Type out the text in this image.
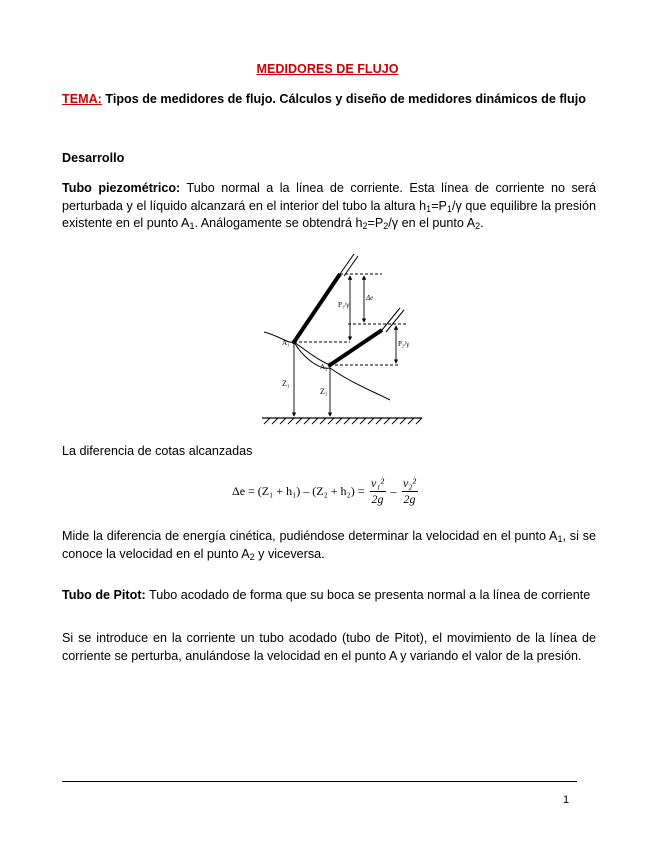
MEDIDORES DE FLUJO
TEMA: Tipos de medidores de flujo. Cálculos y diseño de medidores dinámicos de flujo
Desarrollo
Tubo piezométrico: Tubo normal a la línea de corriente. Esta línea de corriente no será perturbada y el líquido alcanzará en el interior del tubo la altura $h_1=P_1/\gamma$ que equilibre la presión existente en el punto $A_1$. Análogamente se obtendrá $h_2=P_2/\gamma$ en el punto $A_2$.
P₁/γ
Δe
P₂/γ
A₁
A₂
Z₁
Z₂
La diferencia de cotas alcanzadas
$\Delta e = (Z_1 + h_1) - (Z_2 + h_2) = \frac{\text{v₁²}}{2g} - \frac{\text{v₂²}}{2g}$
Mide la diferencia de energía cinética, pudiéndose determinar la velocidad en el punto $A_1$, si se conoce la velocidad en el punto $A_2$ y viceversa.
Tubo de Pitot: Tubo acodado de forma que su boca se presenta normal a la línea de corriente
Si se introduce en la corriente un tubo acodado (tubo de Pitot), el movimiento de la línea de corriente se perturba, anulándose la velocidad en el punto A y variando el valor de la presión.
1
